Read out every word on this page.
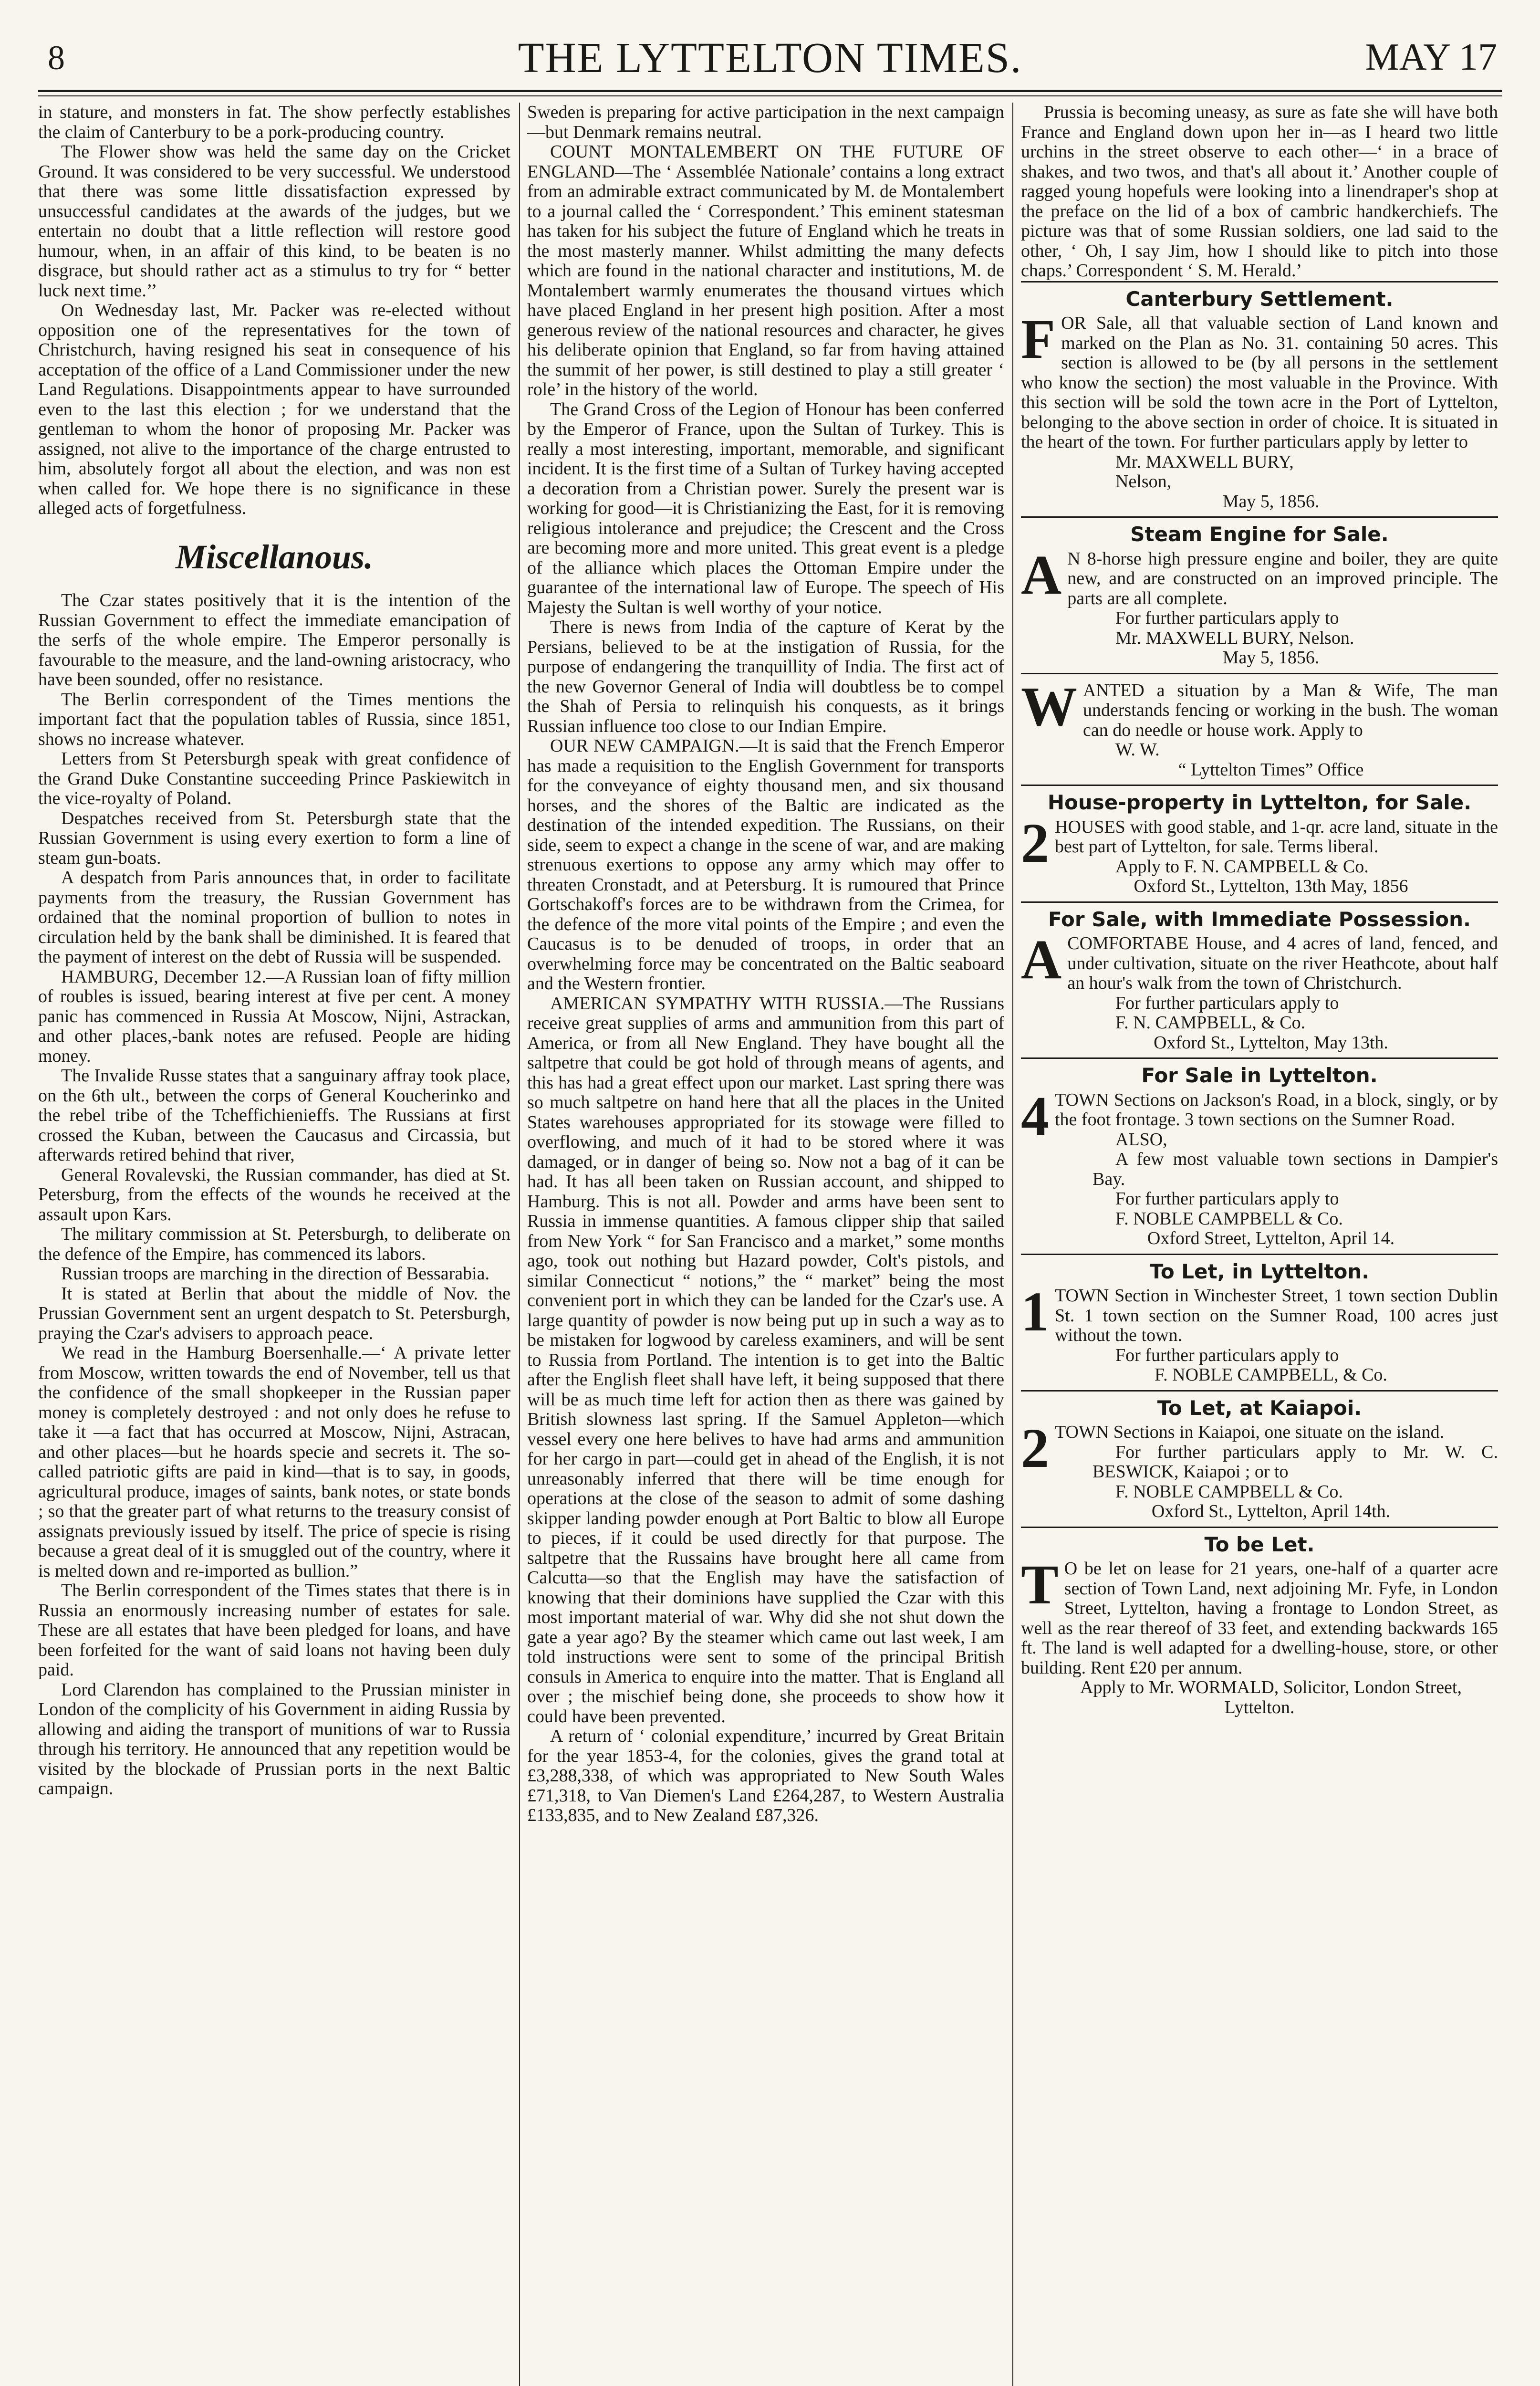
8	THE LYTTELTON TIMES.	MAY 17

in stature, and monsters in fat. The show perfectly establishes the claim of Canterbury to be a pork-producing country.

The Flower show was held the same day on the Cricket Ground. It was considered to be very successful. We understood that there was some little dissatisfaction expressed by unsuccessful candidates at the awards of the judges, but we entertain no doubt that a little reflection will restore good humour, when, in an affair of this kind, to be beaten is no disgrace, but should rather act as a stimulus to try for “ better luck next time.’’

On Wednesday last, Mr. Packer was re-elected without opposition one of the representatives for the town of Christchurch, having resigned his seat in consequence of his acceptation of the office of a Land Commissioner under the new Land Regulations. Disappointments appear to have surrounded even to the last this election ; for we understand that the gentleman to whom the honor of proposing Mr. Packer was assigned, not alive to the importance of the charge entrusted to him, absolutely forgot all about the election, and was non est when called for. We hope there is no significance in these alleged acts of forgetfulness.

Miscellanous.

The Czar states positively that it is the intention of the Russian Government to effect the immediate emancipation of the serfs of the whole empire. The Emperor personally is favourable to the measure, and the land-owning aristocracy, who have been sounded, offer no resistance.

The Berlin correspondent of the Times mentions the important fact that the population tables of Russia, since 1851, shows no increase whatever.

Letters from St Petersburgh speak with great confidence of the Grand Duke Constantine succeeding Prince Paskiewitch in the vice-royalty of Poland.

Despatches received from St. Petersburgh state that the Russian Government is using every exertion to form a line of steam gun-boats.

A despatch from Paris announces that, in order to facilitate payments from the treasury, the Russian Government has ordained that the nominal proportion of bullion to notes in circulation held by the bank shall be diminished. It is feared that the payment of interest on the debt of Russia will be suspended.

HAMBURG, December 12.—A Russian loan of fifty million of roubles is issued, bearing interest at five per cent. A money panic has commenced in Russia At Moscow, Nijni, Astrackan, and other places,-bank notes are refused. People are hiding money.

The Invalide Russe states that a sanguinary affray took place, on the 6th ult., between the corps of General Koucherinko and the rebel tribe of the Tcheffichienieffs. The Russians at first crossed the Kuban, between the Caucasus and Circassia, but afterwards retired behind that river,

General Rovalevski, the Russian commander, has died at St. Petersburg, from the effects of the wounds he received at the assault upon Kars.

The military commission at St. Petersburgh, to deliberate on the defence of the Empire, has commenced its labors.

Russian troops are marching in the direction of Bessarabia.

It is stated at Berlin that about the middle of Nov. the Prussian Government sent an urgent despatch to St. Petersburgh, praying the Czar's advisers to approach peace.

We read in the Hamburg Boersenhalle.—‘ A private letter from Moscow, written towards the end of November, tell us that the confidence of the small shopkeeper in the Russian paper money is completely destroyed : and not only does he refuse to take it —a fact that has occurred at Moscow, Nijni, Astracan, and other places—but he hoards specie and secrets it. The so-called patriotic gifts are paid in kind—that is to say, in goods, agricultural produce, images of saints, bank notes, or state bonds ; so that the greater part of what returns to the treasury consist of assignats previously issued by itself. The price of specie is rising because a great deal of it is smuggled out of the country, where it is melted down and re-imported as bullion.”

The Berlin correspondent of the Times states that there is in Russia an enormously increasing number of estates for sale. These are all estates that have been pledged for loans, and have been forfeited for the want of said loans not having been duly paid.

Lord Clarendon has complained to the Prussian minister in London of the complicity of his Government in aiding Russia by allowing and aiding the transport of munitions of war to Russia through his territory. He announced that any repetition would be visited by the blockade of Prussian ports in the next Baltic campaign.

Sweden is preparing for active participation in the next campaign—but Denmark remains neutral.

COUNT MONTALEMBERT ON THE FUTURE OF ENGLAND—The ‘ Assemblée Nationale’ contains a long extract from an admirable extract communicated by M. de Montalembert to a journal called the ‘ Correspondent.’ This eminent statesman has taken for his subject the future of England which he treats in the most masterly manner. Whilst admitting the many defects which are found in the national character and institutions, M. de Montalembert warmly enumerates the thousand virtues which have placed England in her present high position. After a most generous review of the national resources and character, he gives his deliberate opinion that England, so far from having attained the summit of her power, is still destined to play a still greater ‘ role’ in the history of the world.

The Grand Cross of the Legion of Honour has been conferred by the Emperor of France, upon the Sultan of Turkey. This is really a most interesting, important, memorable, and significant incident. It is the first time of a Sultan of Turkey having accepted a decoration from a Christian power. Surely the present war is working for good—it is Christianizing the East, for it is removing religious intolerance and prejudice; the Crescent and the Cross are becoming more and more united. This great event is a pledge of the alliance which places the Ottoman Empire under the guarantee of the international law of Europe. The speech of His Majesty the Sultan is well worthy of your notice.

There is news from India of the capture of Kerat by the Persians, believed to be at the instigation of Russia, for the purpose of endangering the tranquillity of India. The first act of the new Governor General of India will doubtless be to compel the Shah of Persia to relinquish his conquests, as it brings Russian influence too close to our Indian Empire.

OUR NEW CAMPAIGN.—It is said that the French Emperor has made a requisition to the English Government for transports for the conveyance of eighty thousand men, and six thousand horses, and the shores of the Baltic are indicated as the destination of the intended expedition. The Russians, on their side, seem to expect a change in the scene of war, and are making strenuous exertions to oppose any army which may offer to threaten Cronstadt, and at Petersburg. It is rumoured that Prince Gortschakoff's forces are to be withdrawn from the Crimea, for the defence of the more vital points of the Empire ; and even the Caucasus is to be denuded of troops, in order that an overwhelming force may be concentrated on the Baltic seaboard and the Western frontier.

AMERICAN SYMPATHY WITH RUSSIA.—The Russians receive great supplies of arms and ammunition from this part of America, or from all New England. They have bought all the saltpetre that could be got hold of through means of agents, and this has had a great effect upon our market. Last spring there was so much saltpetre on hand here that all the places in the United States warehouses appropriated for its stowage were filled to overflowing, and much of it had to be stored where it was damaged, or in danger of being so. Now not a bag of it can be had. It has all been taken on Russian account, and shipped to Hamburg. This is not all. Powder and arms have been sent to Russia in immense quantities. A famous clipper ship that sailed from New York “ for San Francisco and a market,” some months ago, took out nothing but Hazard powder, Colt's pistols, and similar Connecticut “ notions,” the “ market” being the most convenient port in which they can be landed for the Czar's use. A large quantity of powder is now being put up in such a way as to be mistaken for logwood by careless examiners, and will be sent to Russia from Portland. The intention is to get into the Baltic after the English fleet shall have left, it being supposed that there will be as much time left for action then as there was gained by British slowness last spring. If the Samuel Appleton—which vessel every one here belives to have had arms and ammunition for her cargo in part—could get in ahead of the English, it is not unreasonably inferred that there will be time enough for operations at the close of the season to admit of some dashing skipper landing powder enough at Port Baltic to blow all Europe to pieces, if it could be used directly for that purpose. The saltpetre that the Russains have brought here all came from Calcutta—so that the English may have the satisfaction of knowing that their dominions have supplied the Czar with this most important material of war. Why did she not shut down the gate a year ago? By the steamer which came out last week, I am told instructions were sent to some of the principal British consuls in America to enquire into the matter. That is England all over ; the mischief being done, she proceeds to show how it could have been prevented.

A return of ‘ colonial expenditure,’ incurred by Great Britain for the year 1853-4, for the colonies, gives the grand total at £3,288,338, of which was appropriated to New South Wales £71,318, to Van Diemen's Land £264,287, to Western Australia £133,835, and to New Zealand £87,326.

Prussia is becoming uneasy, as sure as fate she will have both France and England down upon her in—as I heard two little urchins in the street observe to each other—‘ in a brace of shakes, and two twos, and that's all about it.’ Another couple of ragged young hopefuls were looking into a linendraper's shop at the preface on the lid of a box of cambric handkerchiefs. The picture was that of some Russian soldiers, one lad said to the other, ‘ Oh, I say Jim, how I should like to pitch into those chaps.’ Correspondent ‘ S. M. Herald.’

Canterbury Settlement.
FOR Sale, all that valuable section of Land known and marked on the Plan as No. 31. containing 50 acres. This section is allowed to be (by all persons in the settlement who know the section) the most valuable in the Province. With this section will be sold the town acre in the Port of Lyttelton, belonging to the above section in order of choice. It is situated in the heart of the town. For further particulars apply by letter to

Mr. MAXWELL BURY,

Nelson,

May 5, 1856.

Steam Engine for Sale.
A N 8-horse high pressure engine and boiler, they are quite new, and are constructed on an improved principle. The parts are all complete.

For further particulars apply to

Mr. MAXWELL BURY, Nelson.

May 5, 1856.

WANTED a situation by a Man & Wife, The man understands fencing or working in the bush. The woman can do needle or house work. Apply to

W. W.

“ Lyttelton Times” Office

House-property in Lyttelton, for Sale.
2 HOUSES with good stable, and 1-qr. acre land, situate in the best part of Lyttelton, for sale. Terms liberal.

Apply to F. N. CAMPBELL & Co.

Oxford St., Lyttelton, 13th May, 1856

For Sale, with Immediate Possession.
ACOMFORTABE House, and 4 acres of land, fenced, and under cultivation, situate on the river Heathcote, about half an hour's walk from the town of Christchurch.

For further particulars apply to

F. N. CAMPBELL, & Co.

Oxford St., Lyttelton, May 13th.

For Sale in Lyttelton.
4 TOWN Sections on Jackson's Road, in a block, singly, or by the foot frontage. 3 town sections on the Sumner Road.

ALSO,

A few most valuable town sections in Dampier's Bay.

For further particulars apply to

F. NOBLE CAMPBELL & Co.

Oxford Street, Lyttelton, April 14.

To Let, in Lyttelton.
1 TOWN Section in Winchester Street, 1 town section Dublin St. 1 town section on the Sumner Road, 100 acres just without the town.

For further particulars apply to

F. NOBLE CAMPBELL, & Co.

To Let, at Kaiapoi.
2 TOWN Sections in Kaiapoi, one situate on the island.

For further particulars apply to Mr. W. C. BESWICK, Kaiapoi ; or to

F. NOBLE CAMPBELL & Co.

Oxford St., Lyttelton, April 14th.

To be Let.
T O be let on lease for 21 years, one-half of a quarter acre section of Town Land, next adjoining Mr. Fyfe, in London Street, Lyttelton, having a frontage to London Street, as well as the rear thereof of 33 feet, and extending backwards 165 ft. The land is well adapted for a dwelling-house, store, or other building. Rent £20 per annum.

Apply to Mr. WORMALD, Solicitor, London Street, Lyttelton.
